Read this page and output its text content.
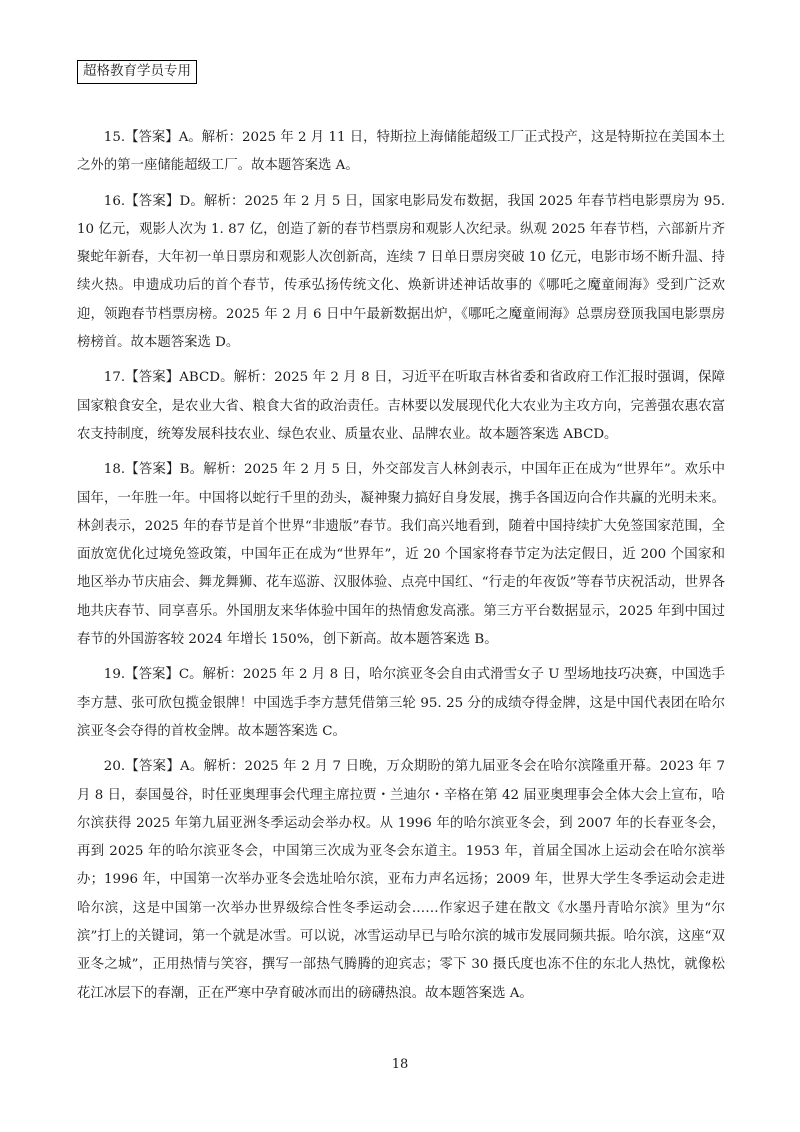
超格教育学员专用

15.【答案】A。解析：2025 年 2 月 11 日，特斯拉上海储能超级工厂正式投产，这是特斯拉在美国本土之外的第一座储能超级工厂。故本题答案选 A。

16.【答案】D。解析：2025 年 2 月 5 日，国家电影局发布数据，我国 2025 年春节档电影票房为 95. 10 亿元，观影人次为 1. 87 亿，创造了新的春节档票房和观影人次纪录。纵观 2025 年春节档，六部新片齐聚蛇年新春，大年初一单日票房和观影人次创新高，连续 7 日单日票房突破 10 亿元，电影市场不断升温、持续火热。申遗成功后的首个春节，传承弘扬传统文化、焕新讲述神话故事的《哪吒之魔童闹海》受到广泛欢迎，领跑春节档票房榜。2025 年 2 月 6 日中午最新数据出炉，《哪吒之魔童闹海》总票房登顶我国电影票房榜榜首。故本题答案选 D。

17.【答案】ABCD。解析：2025 年 2 月 8 日，习近平在听取吉林省委和省政府工作汇报时强调，保障国家粮食安全，是农业大省、粮食大省的政治责任。吉林要以发展现代化大农业为主攻方向，完善强农惠农富农支持制度，统筹发展科技农业、绿色农业、质量农业、品牌农业。故本题答案选 ABCD。

18.【答案】B。解析：2025 年 2 月 5 日，外交部发言人林剑表示，中国年正在成为“世界年”。欢乐中国年，一年胜一年。中国将以蛇行千里的劲头，凝神聚力搞好自身发展，携手各国迈向合作共赢的光明未来。林剑表示，2025 年的春节是首个世界“非遗版”春节。我们高兴地看到，随着中国持续扩大免签国家范围，全面放宽优化过境免签政策，中国年正在成为“世界年”，近 20 个国家将春节定为法定假日，近 200 个国家和地区举办节庆庙会、舞龙舞狮、花车巡游、汉服体验、点亮中国红、“行走的年夜饭”等春节庆祝活动，世界各地共庆春节、同享喜乐。外国朋友来华体验中国年的热情愈发高涨。第三方平台数据显示，2025 年到中国过春节的外国游客较 2024 年增长 150%，创下新高。故本题答案选 B。

19.【答案】C。解析：2025 年 2 月 8 日，哈尔滨亚冬会自由式滑雪女子 U 型场地技巧决赛，中国选手李方慧、张可欣包揽金银牌！中国选手李方慧凭借第三轮 95. 25 分的成绩夺得金牌，这是中国代表团在哈尔滨亚冬会夺得的首枚金牌。故本题答案选 C。

20.【答案】A。解析：2025 年 2 月 7 日晚，万众期盼的第九届亚冬会在哈尔滨隆重开幕。2023 年 7 月 8 日，泰国曼谷，时任亚奥理事会代理主席拉贾・兰迪尔・辛格在第 42 届亚奥理事会全体大会上宣布，哈尔滨获得 2025 年第九届亚洲冬季运动会举办权。从 1996 年的哈尔滨亚冬会，到 2007 年的长春亚冬会，再到 2025 年的哈尔滨亚冬会，中国第三次成为亚冬会东道主。1953 年，首届全国冰上运动会在哈尔滨举办；1996 年，中国第一次举办亚冬会选址哈尔滨，亚布力声名远扬；2009 年，世界大学生冬季运动会走进哈尔滨，这是中国第一次举办世界级综合性冬季运动会……作家迟子建在散文《水墨丹青哈尔滨》里为“尔滨”打上的关键词，第一个就是冰雪。可以说，冰雪运动早已与哈尔滨的城市发展同频共振。哈尔滨，这座“双亚冬之城”，正用热情与笑容，撰写一部热气腾腾的迎宾志；零下 30 摄氏度也冻不住的东北人热忱，就像松花江冰层下的春潮，正在严寒中孕育破冰而出的磅礴热浪。故本题答案选 A。

18
